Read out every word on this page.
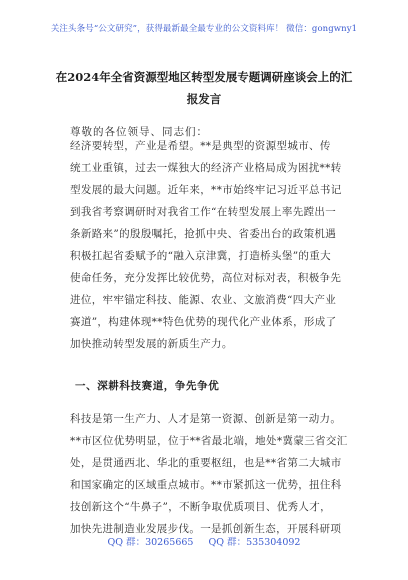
关注头条号“公文研究”，获得最新最全最专业的公文资料库！ 微信：gongwny1
在2024年全省资源型地区转型发展专题调研座谈会上的汇
报发言
尊敬的各位领导、同志们：
经济要转型，产业是希望。**是典型的资源型城市、传
统工业重镇，过去一煤独大的经济产业格局成为困扰**转
型发展的最大问题。近年来，**市始终牢记习近平总书记
到我省考察调研时对我省工作“在转型发展上率先蹚出一
条新路来”的殷殷嘱托，抢抓中央、省委出台的政策机遇
积极扛起省委赋予的“融入京津冀，打造桥头堡”的重大
使命任务，充分发挥比较优势，高位对标对表，积极争先
进位，牢牢锚定科技、能源、农业、文旅消费“四大产业
赛道”，构建体现**特色优势的现代化产业体系，形成了
加快推动转型发展的新质生产力。
一、深耕科技赛道，争先争优
科技是第一生产力、人才是第一资源、创新是第一动力。
**市区位优势明显，位于**省最北端，地处*冀蒙三省交汇
处，是贯通西北、华北的重要枢纽，也是**省第二大城市
和国家确定的区域重点城市。**市紧抓这一优势，扭住科
技创新这个“牛鼻子”，不断争取优质项目、优秀人才，
加快先进制造业发展步伐。一是抓创新生态，开展科研项
QQ 群：30265665 QQ 群：535304092
